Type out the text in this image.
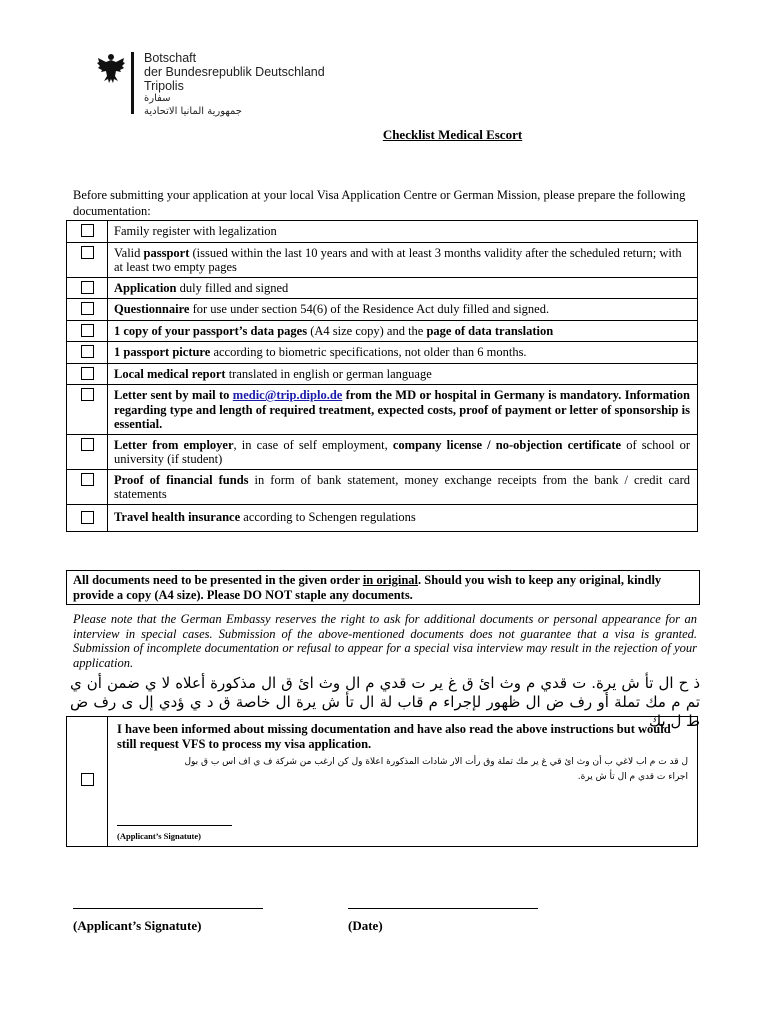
Botschaft
der Bundesrepublik Deutschland
Tripolis
سفارة
جمهورية المانيا الاتحادية
Checklist Medical Escort
Before submitting your application at your local Visa Application Centre or German Mission, please prepare the following documentation:
	Family register with legalization
	Valid passport (issued within the last 10 years and with at least 3 months validity after the scheduled return; with at least two empty pages
	Application duly filled and signed
	Questionnaire for use under section 54(6) of the Residence Act duly filled and signed.
	1 copy of your passport’s data pages (A4 size copy) and the page of data translation
	1 passport picture according to biometric specifications, not older than 6 months.
	Local medical report translated in english or german language
	Letter sent by mail to medic@trip.diplo.de from the MD or hospital in Germany is mandatory. Information regarding type and length of required treatment, expected costs, proof of payment or letter of sponsorship is essential.
	Letter from employer, in case of self employment, company license / no-objection certificate of school or university (if student)
	Proof of financial funds in form of bank statement, money exchange receipts from the bank / credit card statements
	Travel health insurance according to Schengen regulations
All documents need to be presented in the given order in original. Should you wish to keep any original, kindly provide a copy (A4 size). Please DO NOT staple any documents.
Please note that the German Embassy reserves the right to ask for additional documents or personal appearance for an interview in special cases. Submission of the above-mentioned documents does not guarantee that a visa is granted. Submission of incomplete documentation or refusal to appear for a special visa interview may result in the rejection of your application.
ذ ح ال تأ ش يرة. ت قدي م وث ائ ق غ ير ت قدي م ال وث ائ ق ال مذكورة أعلاه لا ي ضمن أن ي تم م مك تملة أو رف ض ال ظهور لإجراء م قاب لة ال تأ ش يرة ال خاصة ق د ي ؤدي إل ى رف ض ط ل بك

I have been informed about missing documentation and have also read the above instructions but would still request VFS to process my visa application.
ل قد ت م اب لاغي ب أن وث ائ قي غ ير مك تملة وق رأت الار شادات المذكورة اعلاة ول كن ارغب من شركة ف ي اف اس ب ق بول
اجراء ت قدي م ال تأ ش يرة.
(Applicant’s Signatute)
(Applicant’s Signatute)	(Date)
